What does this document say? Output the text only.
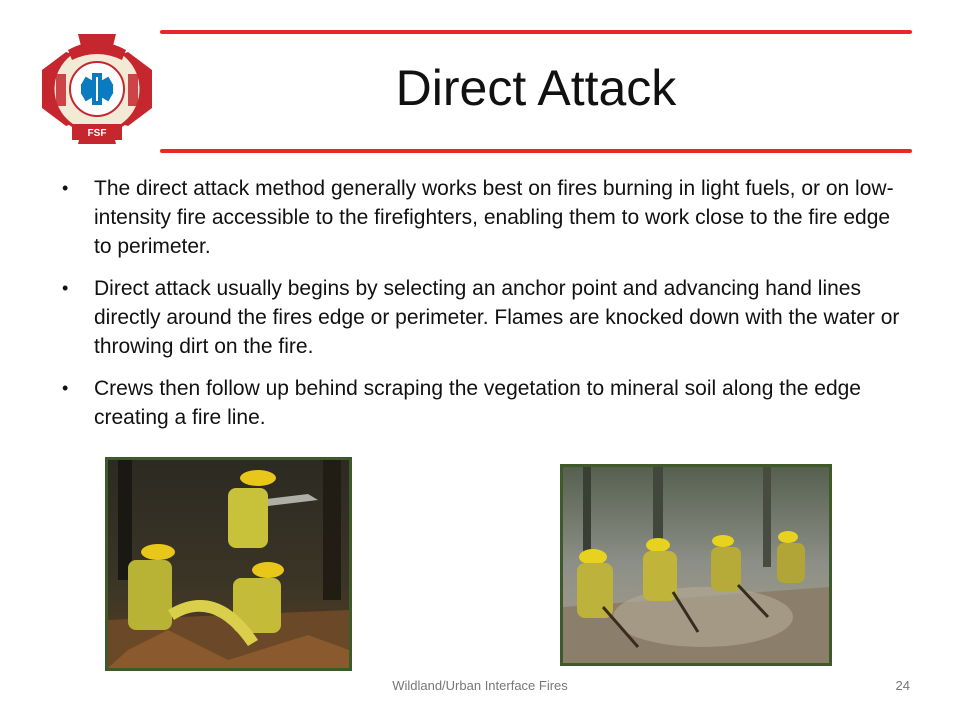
FSF
Direct Attack
• The direct attack method generally works best on fires burning in light fuels, or on low-intensity fire accessible to the firefighters, enabling them to work close to the fire edge to perimeter.
• Direct attack usually begins by selecting an anchor point and advancing hand lines directly around the fires edge or perimeter. Flames are knocked down with the water or throwing dirt on the fire.
• Crews then follow up behind scraping the vegetation to mineral soil along the edge creating a fire line.
Wildland/Urban Interface Fires	24
